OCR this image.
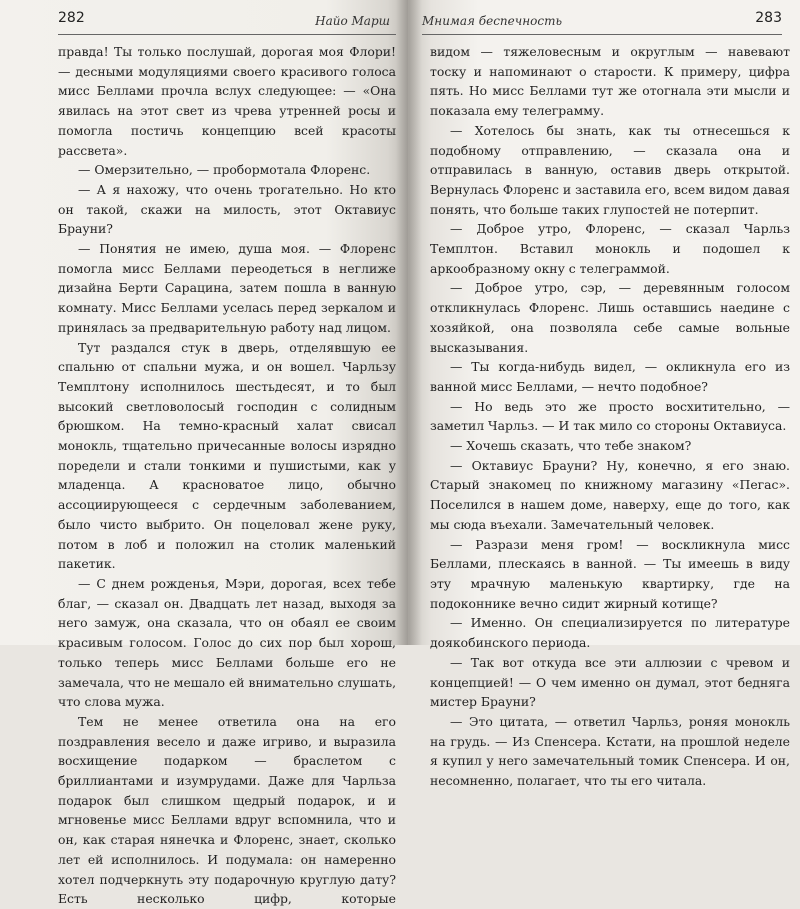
282	Найо Марш

правда! Ты только послушай, дорогая моя Флори! — десными модуляциями своего красивого голоса мисс Беллами прочла вслух следующее: — «Она явилась на этот свет из чрева утренней росы и помогла постичь концепцию всей красоты рассвета».

— Омерзительно, — пробормотала Флоренс.

— А я нахожу, что очень трогательно. Но кто он такой, скажи на милость, этот Октавиус Брауни?

— Понятия не имею, душа моя. — Флоренс помогла мисс Беллами переодеться в неглиже дизайна Берти Сарацина, затем пошла в ванную комнату. Мисс Беллами уселась перед зеркалом и принялась за предварительную работу над лицом.

Тут раздался стук в дверь, отделявшую ее спальню от спальни мужа, и он вошел. Чарльзу Темплтону исполнилось шестьдесят, и то был высокий светловолосый господин с солидным брюшком. На темно-красный халат свисал монокль, тщательно причесанные волосы изрядно поредели и стали тонкими и пушистыми, как у младенца. А красноватое лицо, обычно ассоциирующееся с сердечным заболеванием, было чисто выбрито. Он поцеловал жене руку, потом в лоб и положил на столик маленький пакетик.

— С днем рожденья, Мэри, дорогая, всех тебе благ, — сказал он. Двадцать лет назад, выходя за него замуж, она сказала, что он обаял ее своим красивым голосом. Голос до сих пор был хорош, только теперь мисс Беллами больше его не замечала, что не мешало ей внимательно слушать, что слова мужа.

Тем не менее ответила она на его поздравления весело и даже игриво, и выразила восхищение подарком — браслетом с бриллиантами и изумрудами. Даже для Чарльза подарок был слишком щедрый подарок, и и мгновенье мисс Беллами вдруг вспомнила, что и он, как старая нянечка и Флоренс, знает, сколько лет ей исполнилось. И подумала: он намеренно хотел подчеркнуть эту подарочную круглую дату? Есть несколько цифр, которые

Мнимая беспечность	283

видом — тяжеловесным и округлым — навевают тоску и напоминают о старости. К примеру, цифра пять. Но мисс Беллами тут же отогнала эти мысли и показала ему телеграмму.

— Хотелось бы знать, как ты отнесешься к подобному отправлению, — сказала она и отправилась в ванную, оставив дверь открытой. Вернулась Флоренс и заставила его, всем видом давая понять, что больше таких глупостей не потерпит.

— Доброе утро, Флоренс, — сказал Чарльз Темплтон. Вставил монокль и подошел к аркообразному окну с телеграммой.

— Доброе утро, сэр, — деревянным голосом откликнулась Флоренс. Лишь оставшись наедине с хозяйкой, она позволяла себе самые вольные высказывания.

— Ты когда-нибудь видел, — окликнула его из ванной мисс Беллами, — нечто подобное?

— Но ведь это же просто восхитительно, — заметил Чарльз. — И так мило со стороны Октавиуса.

— Хочешь сказать, что тебе знаком?

— Октавиус Брауни? Ну, конечно, я его знаю. Старый знакомец по книжному магазину «Пегас». Поселился в нашем доме, наверху, еще до того, как мы сюда въехали. Замечательный человек.

— Разрази меня гром! — воскликнула мисс Беллами, плескаясь в ванной. — Ты имеешь в виду эту мрачную маленькую квартирку, где на подоконнике вечно сидит жирный котище?

— Именно. Он специализируется по литературе доякобинского периода.

— Так вот откуда все эти аллюзии с чревом и концепцией! — О чем именно он думал, этот бедняга мистер Брауни?

— Это цитата, — ответил Чарльз, роняя монокль на грудь. — Из Спенсера. Кстати, на прошлой неделе я купил у него замечательный томик Спенсера. И он, несомненно, полагает, что ты его читала.
